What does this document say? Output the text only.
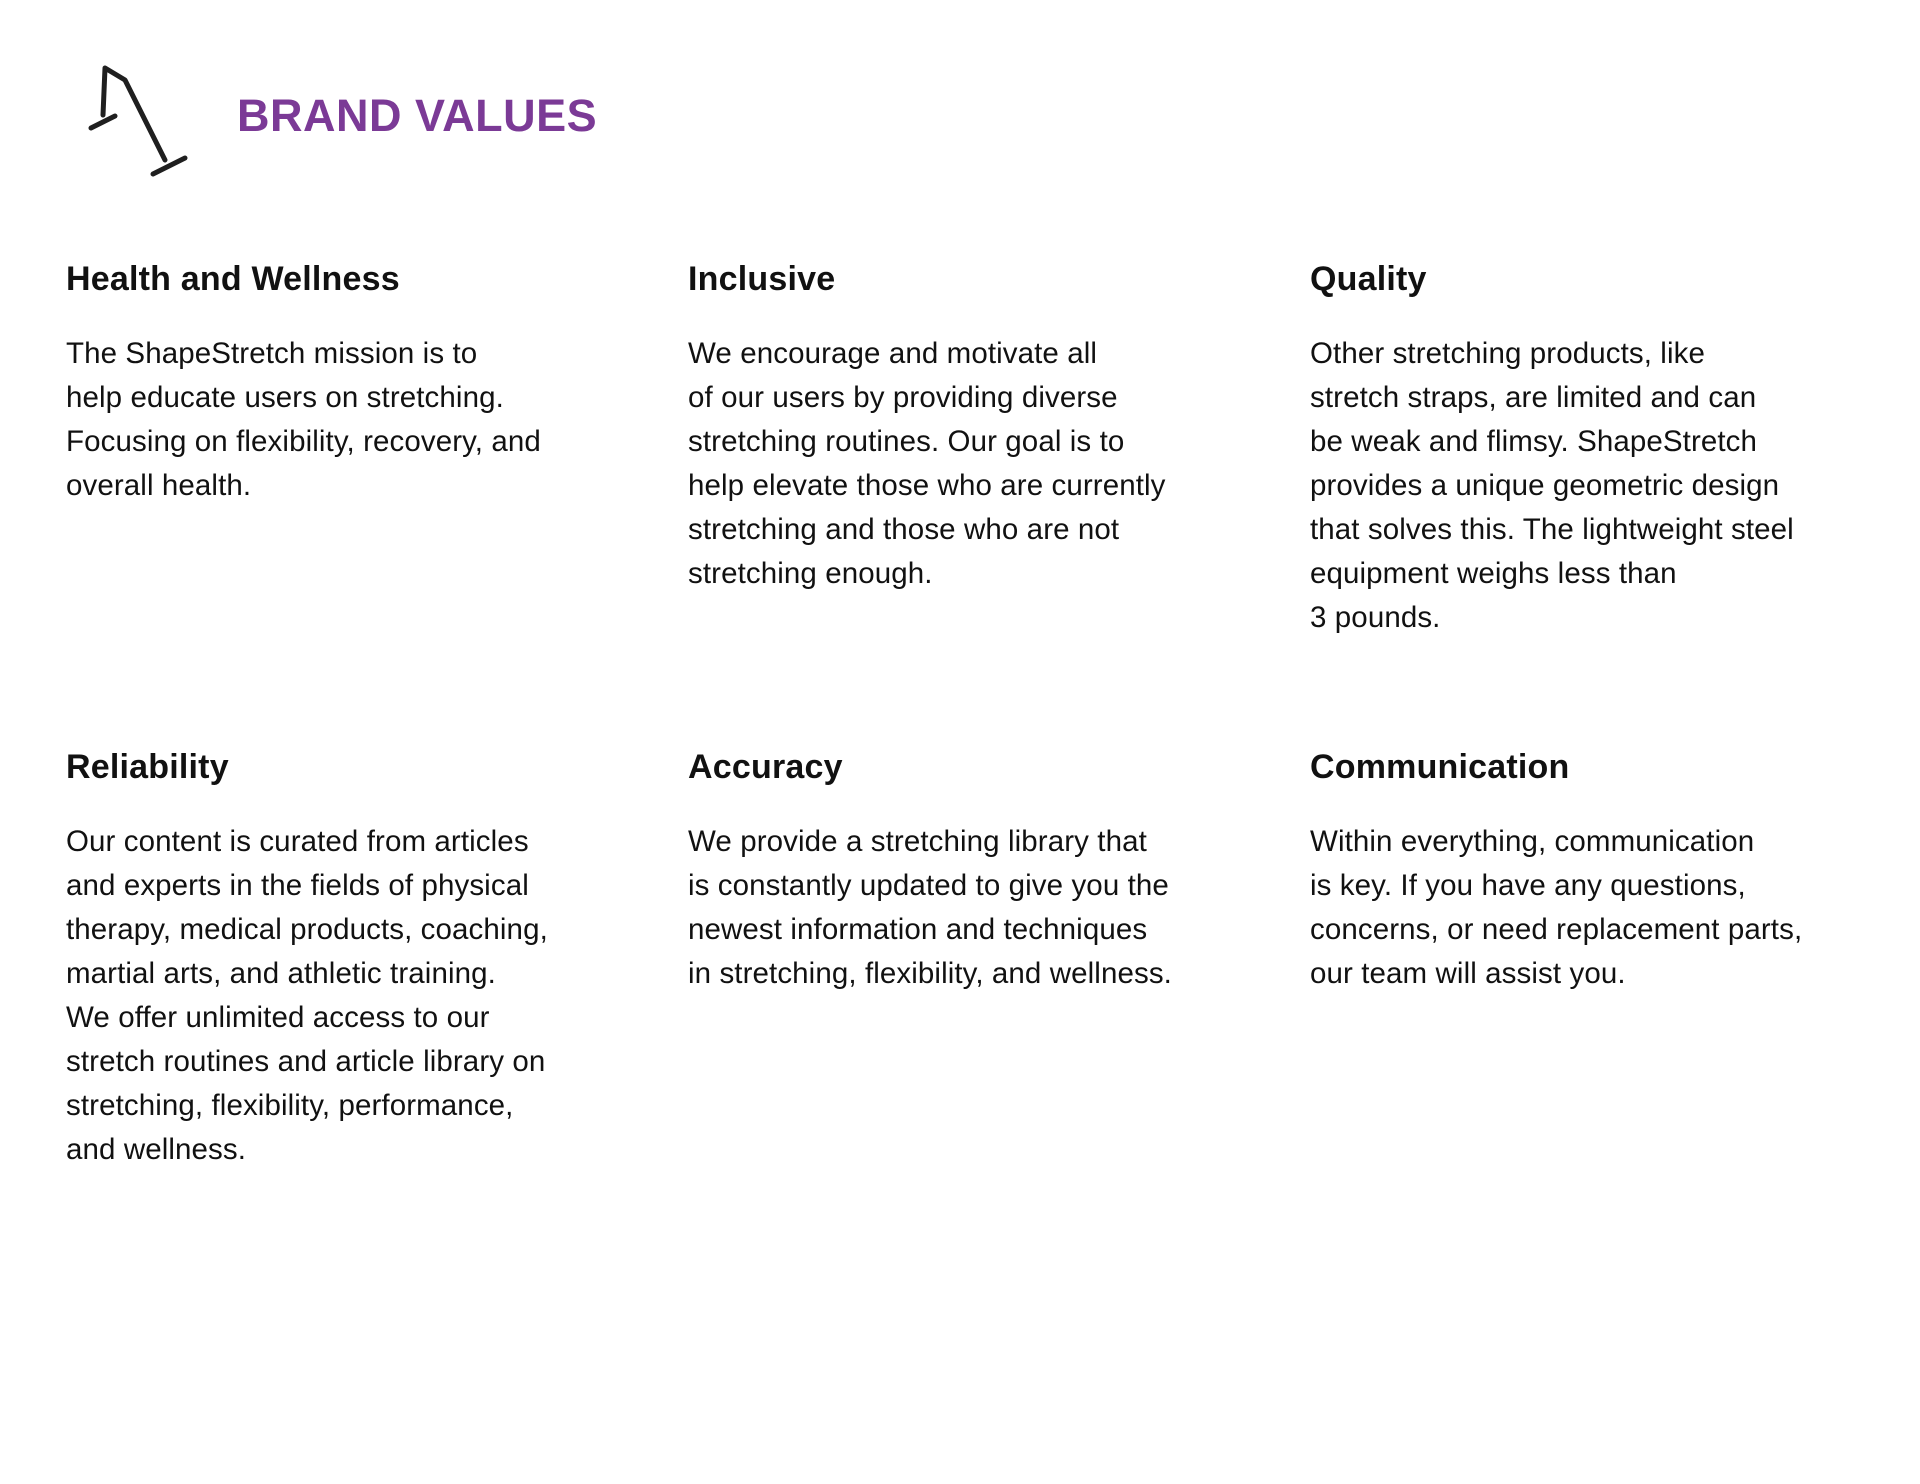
BRAND VALUES
Health and Wellness

The ShapeStretch mission is to
help educate users on stretching.
Focusing on flexibility, recovery, and
overall health.

Inclusive

We encourage and motivate all
of our users by providing diverse
stretching routines. Our goal is to
help elevate those who are currently
stretching and those who are not
stretching enough.

Quality

Other stretching products, like
stretch straps, are limited and can
be weak and flimsy. ShapeStretch
provides a unique geometric design
that solves this. The lightweight steel
equipment weighs less than
3 pounds.

Reliability

Our content is curated from articles
and experts in the fields of physical
therapy, medical products, coaching,
martial arts, and athletic training.
We offer unlimited access to our
stretch routines and article library on
stretching, flexibility, performance,
and wellness.

Accuracy

We provide a stretching library that
is constantly updated to give you the
newest information and techniques
in stretching, flexibility, and wellness.

Communication

Within everything, communication
is key. If you have any questions,
concerns, or need replacement parts,
our team will assist you.
